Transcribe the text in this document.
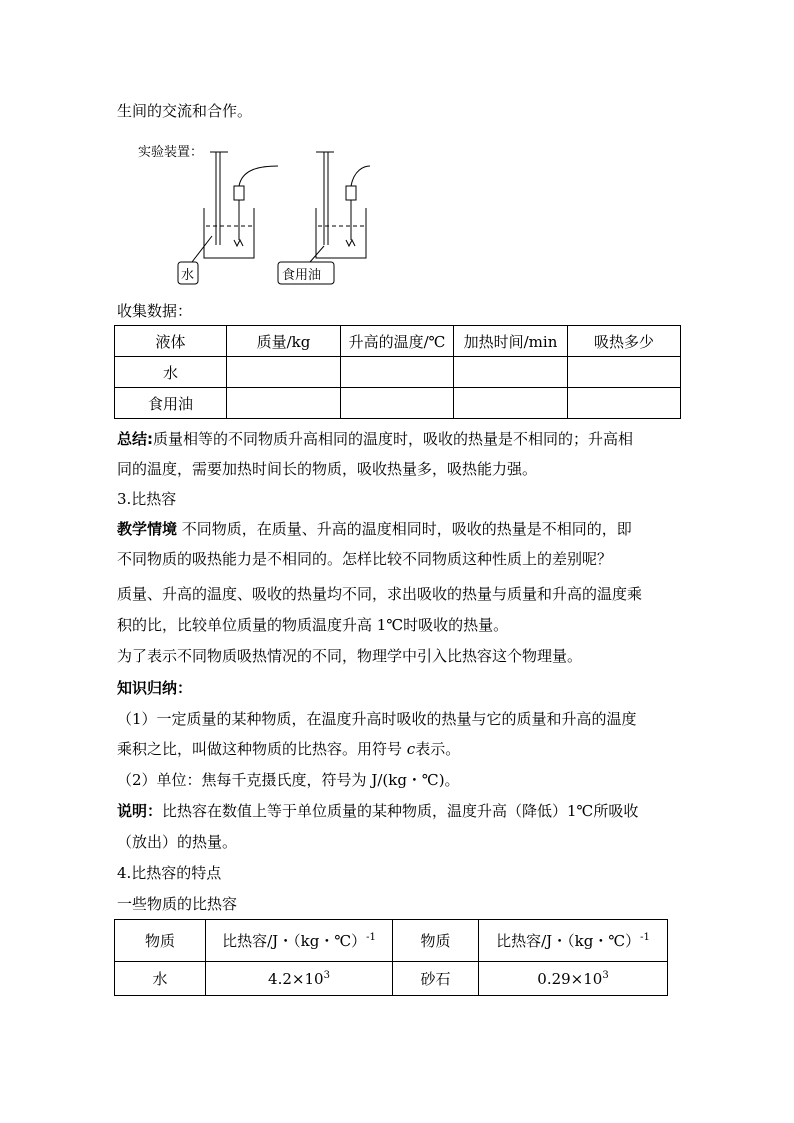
生间的交流和合作。
实验装置：
水	食用油
收集数据：
液体	质量/kg	升高的温度/℃	加热时间/min	吸热多少
水				
食用油				
总结:质量相等的不同物质升高相同的温度时，吸收的热量是不相同的；升高相
同的温度，需要加热时间长的物质，吸收热量多，吸热能力强。
3.比热容
教学情境 不同物质，在质量、升高的温度相同时，吸收的热量是不相同的，即
不同物质的吸热能力是不相同的。怎样比较不同物质这种性质上的差别呢？
质量、升高的温度、吸收的热量均不同，求出吸收的热量与质量和升高的温度乘
积的比，比较单位质量的物质温度升高 1℃时吸收的热量。
为了表示不同物质吸热情况的不同，物理学中引入比热容这个物理量。
知识归纳：
（1）一定质量的某种物质，在温度升高时吸收的热量与它的质量和升高的温度
乘积之比，叫做这种物质的比热容。用符号 c表示。
（2）单位：焦每千克摄氏度，符号为 J/(kg・℃)。
说明：比热容在数值上等于单位质量的某种物质，温度升高（降低）1℃所吸收
（放出）的热量。
4.比热容的特点
一些物质的比热容
物质	比热容/J・（kg・℃）$^{-1}$	物质	比热容/J・（kg・℃）$^{-1}$
水	$4.2\times 10^3$	砂石	$0.29\times 10^3$
